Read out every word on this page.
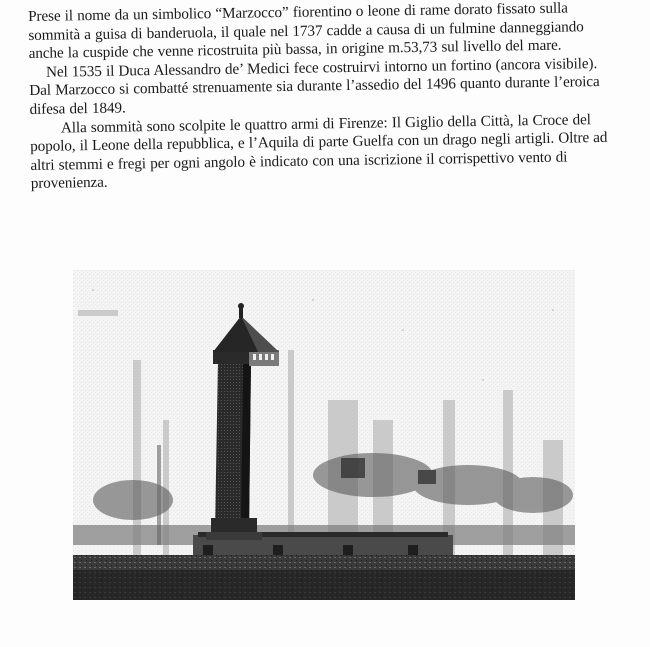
Prese il nome da un simbolico “Marzocco” fiorentino o leone di rame dorato fissato sulla sommità a guisa di banderuola, il quale nel 1737 cadde a causa di un fulmine danneggiando anche la cuspide che venne ricostruita più bassa, in origine m.53,73 sul livello del mare.

Nel 1535 il Duca Alessandro de’ Medici fece costruirvi intorno un fortino (ancora visibile). Dal Marzocco si combatté strenuamente sia durante l’assedio del 1496 quanto durante l’eroica difesa del 1849.

Alla sommità sono scolpite le quattro armi di Firenze: Il Giglio della Città, la Croce del popolo, il Leone della repubblica, e l’Aquila di parte Guelfa con un drago negli artigli. Oltre ad altri stemmi e fregi per ogni angolo è indicato con una iscrizione il corrispettivo vento di provenienza.
